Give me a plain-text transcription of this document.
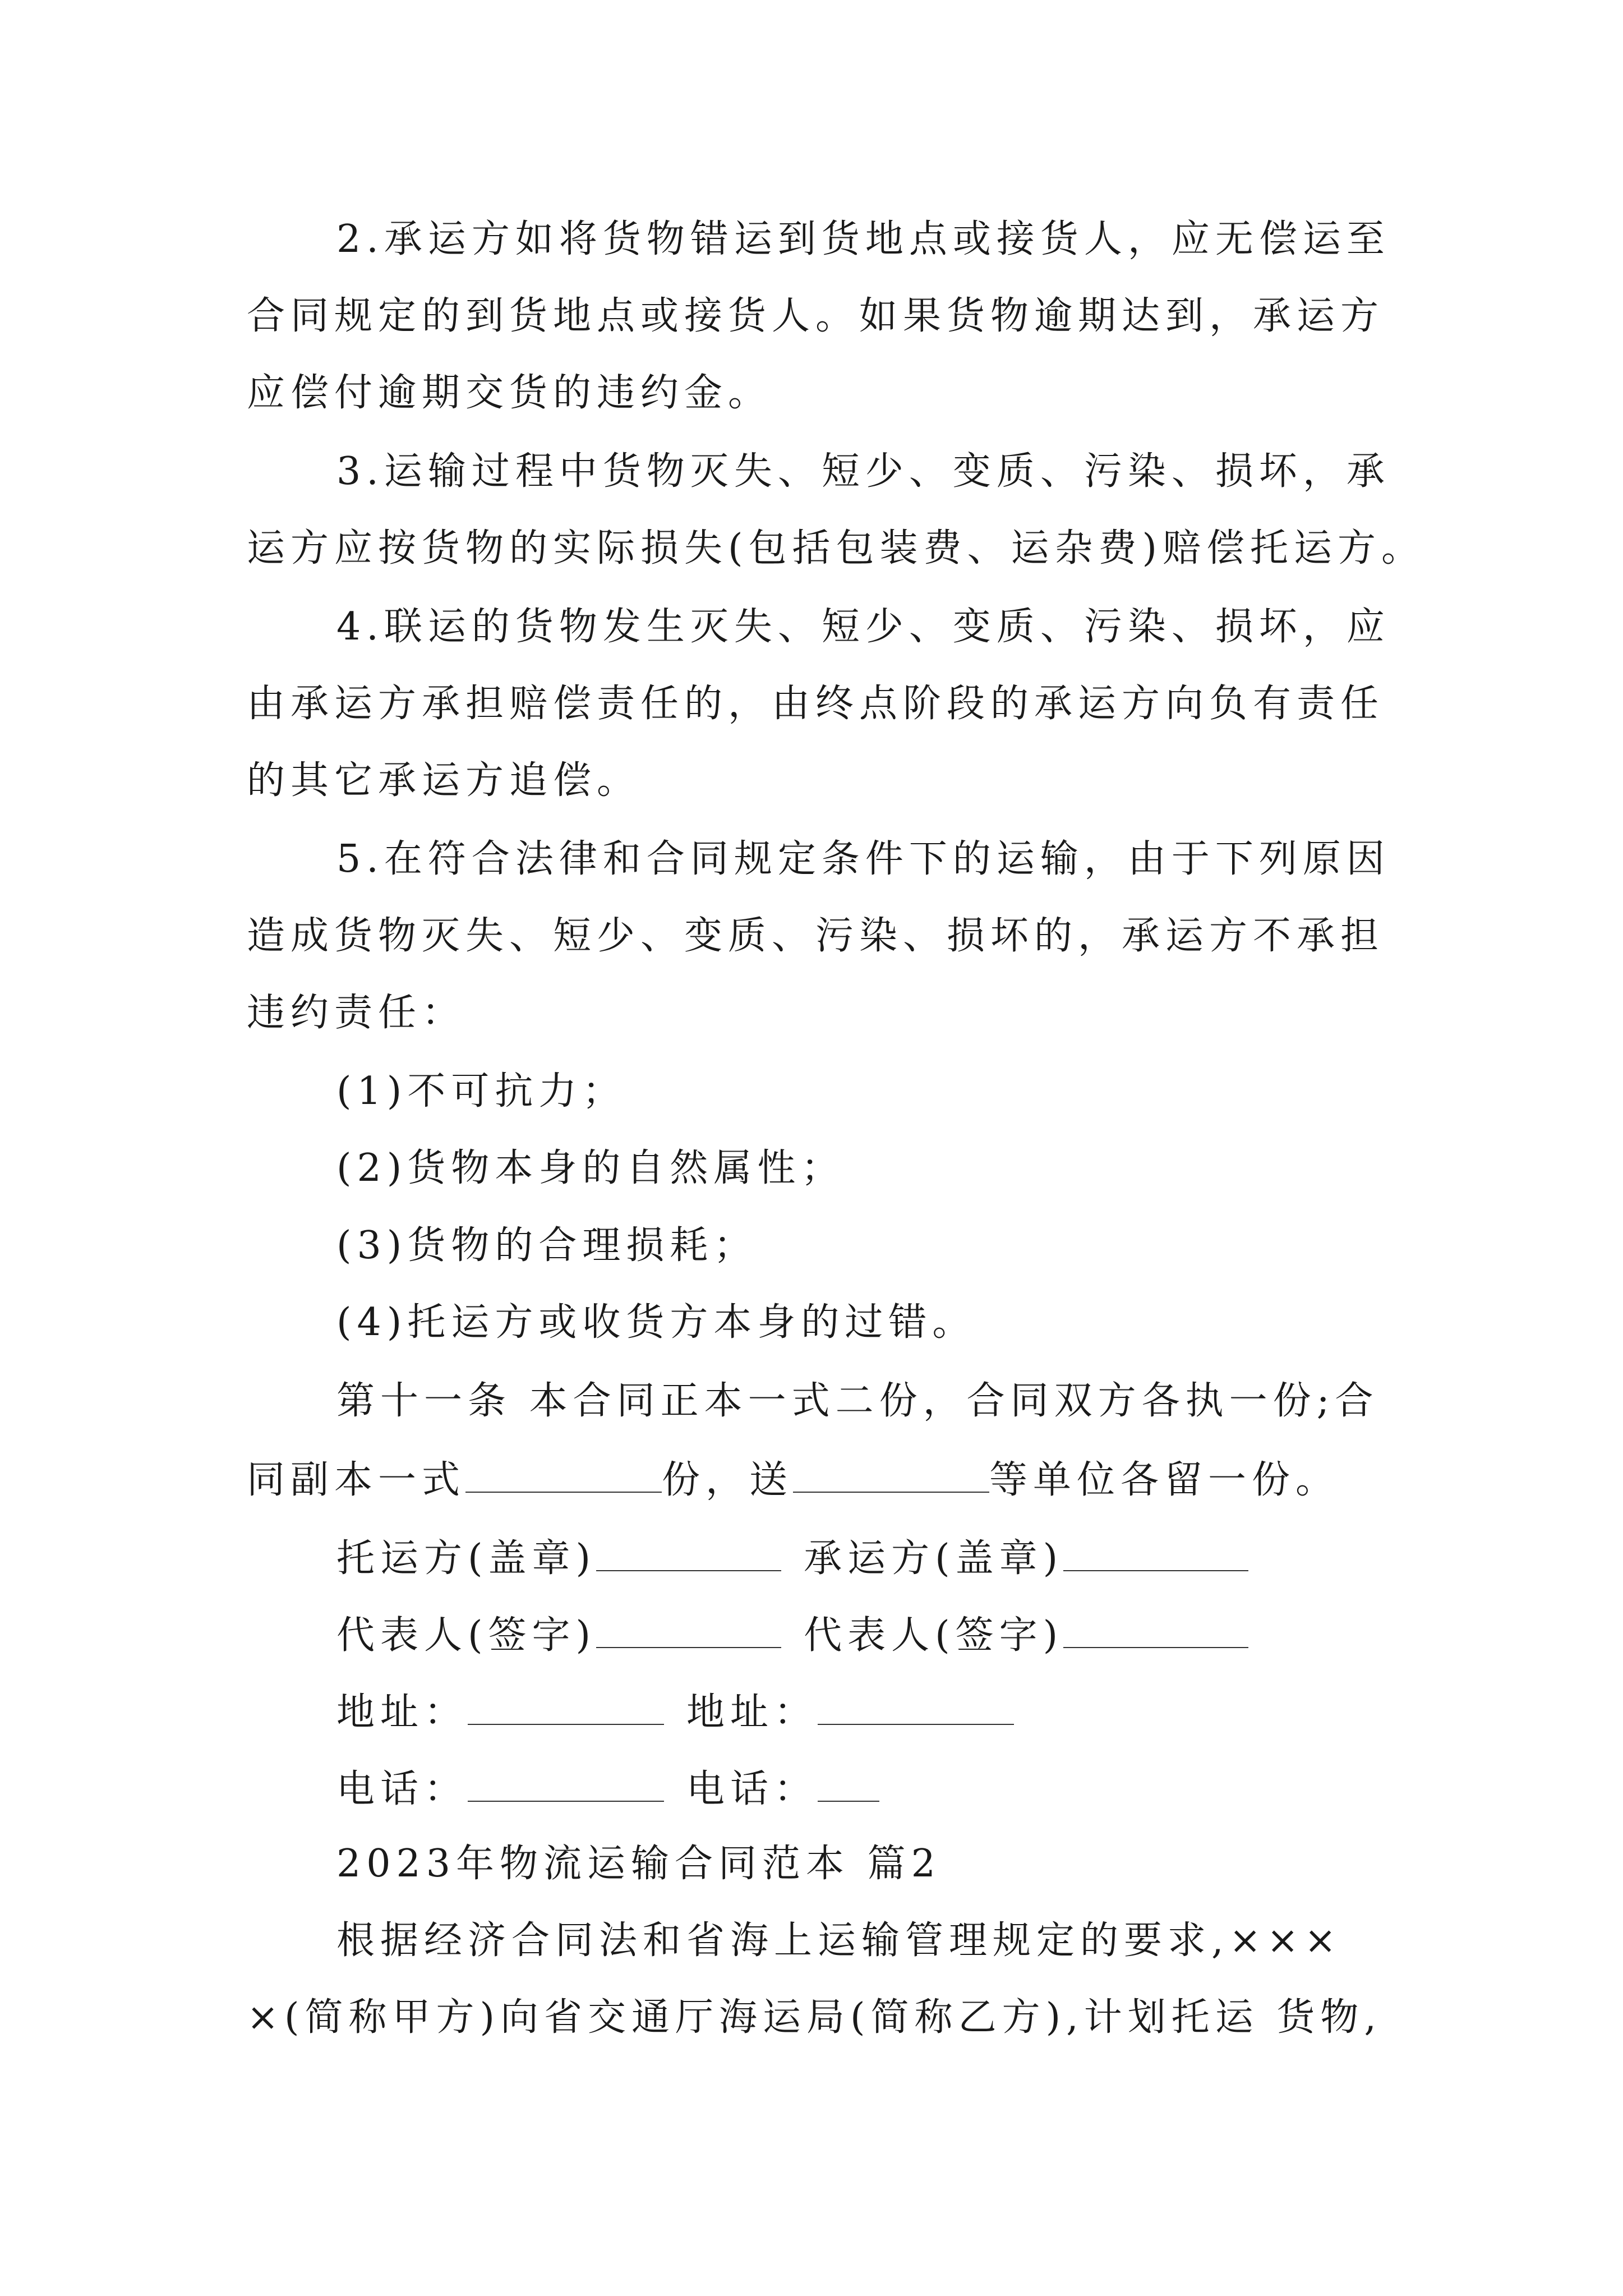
2.承运方如将货物错运到货地点或接货人，应无偿运至
合同规定的到货地点或接货人。如果货物逾期达到，承运方
应偿付逾期交货的违约金。
3.运输过程中货物灭失、短少、变质、污染、损坏，承
运方应按货物的实际损失(包括包装费、运杂费)赔偿托运方。
4.联运的货物发生灭失、短少、变质、污染、损坏，应
由承运方承担赔偿责任的，由终点阶段的承运方向负有责任
的其它承运方追偿。
5.在符合法律和合同规定条件下的运输，由于下列原因
造成货物灭失、短少、变质、污染、损坏的，承运方不承担
违约责任：
(1)不可抗力；
(2)货物本身的自然属性；
(3)货物的合理损耗；
(4)托运方或收货方本身的过错。
第十一条 本合同正本一式二份，合同双方各执一份;合
同副本一式	份，送	等单位各留一份。
托运方(盖章)	承运方(盖章)
代表人(签字)	代表人(签字)
地址：	地址：
电话：	电话：
2023年物流运输合同范本 篇2
根据经济合同法和省海上运输管理规定的要求,×××
×(简称甲方)向省交通厅海运局(简称乙方),计划托运 货物,
